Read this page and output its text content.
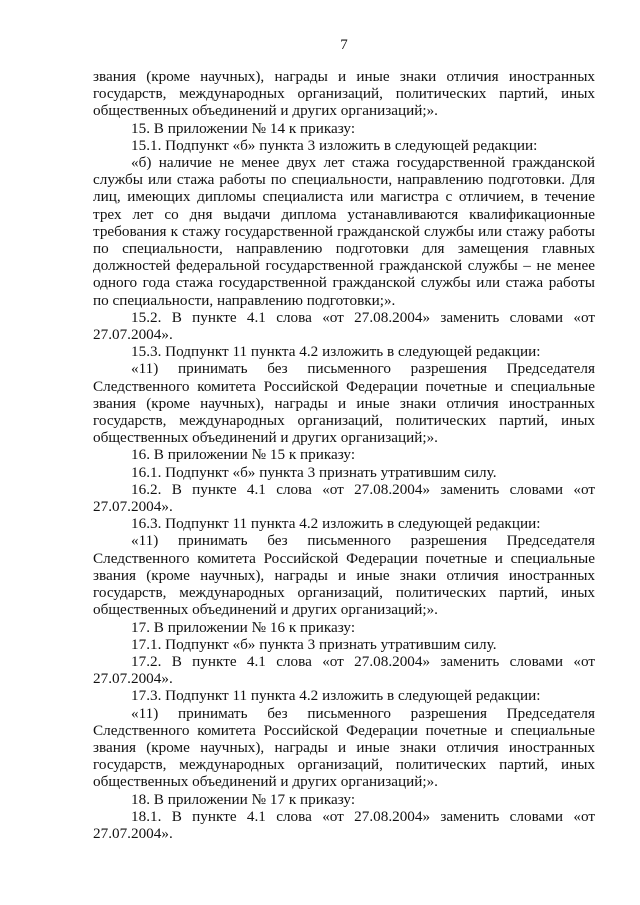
7

звания (кроме научных), награды и иные знаки отличия иностранных государств, международных организаций, политических партий, иных общественных объединений и других организаций;».

15. В приложении № 14 к приказу:

15.1. Подпункт «б» пункта 3 изложить в следующей редакции:

«б) наличие не менее двух лет стажа государственной гражданской службы или стажа работы по специальности, направлению подготовки. Для лиц, имеющих дипломы специалиста или магистра с отличием, в течение трех лет со дня выдачи диплома устанавливаются квалификационные требования к стажу государственной гражданской службы или стажу работы по специальности, направлению подготовки для замещения главных должностей федеральной государственной гражданской службы – не менее одного года стажа государственной гражданской службы или стажа работы по специальности, направлению подготовки;».

15.2. В пункте 4.1 слова «от 27.08.2004» заменить словами «от 27.07.2004».

15.3. Подпункт 11 пункта 4.2 изложить в следующей редакции:

«11) принимать без письменного разрешения Председателя Следственного комитета Российской Федерации почетные и специальные звания (кроме научных), награды и иные знаки отличия иностранных государств, международных организаций, политических партий, иных общественных объединений и других организаций;».

16. В приложении № 15 к приказу:

16.1. Подпункт «б» пункта 3 признать утратившим силу.

16.2. В пункте 4.1 слова «от 27.08.2004» заменить словами «от 27.07.2004».

16.3. Подпункт 11 пункта 4.2 изложить в следующей редакции:

«11) принимать без письменного разрешения Председателя Следственного комитета Российской Федерации почетные и специальные звания (кроме научных), награды и иные знаки отличия иностранных государств, международных организаций, политических партий, иных общественных объединений и других организаций;».

17. В приложении № 16 к приказу:

17.1. Подпункт «б» пункта 3 признать утратившим силу.

17.2. В пункте 4.1 слова «от 27.08.2004» заменить словами «от 27.07.2004».

17.3. Подпункт 11 пункта 4.2 изложить в следующей редакции:

«11) принимать без письменного разрешения Председателя Следственного комитета Российской Федерации почетные и специальные звания (кроме научных), награды и иные знаки отличия иностранных государств, международных организаций, политических партий, иных общественных объединений и других организаций;».

18. В приложении № 17 к приказу:

18.1. В пункте 4.1 слова «от 27.08.2004» заменить словами «от 27.07.2004».
